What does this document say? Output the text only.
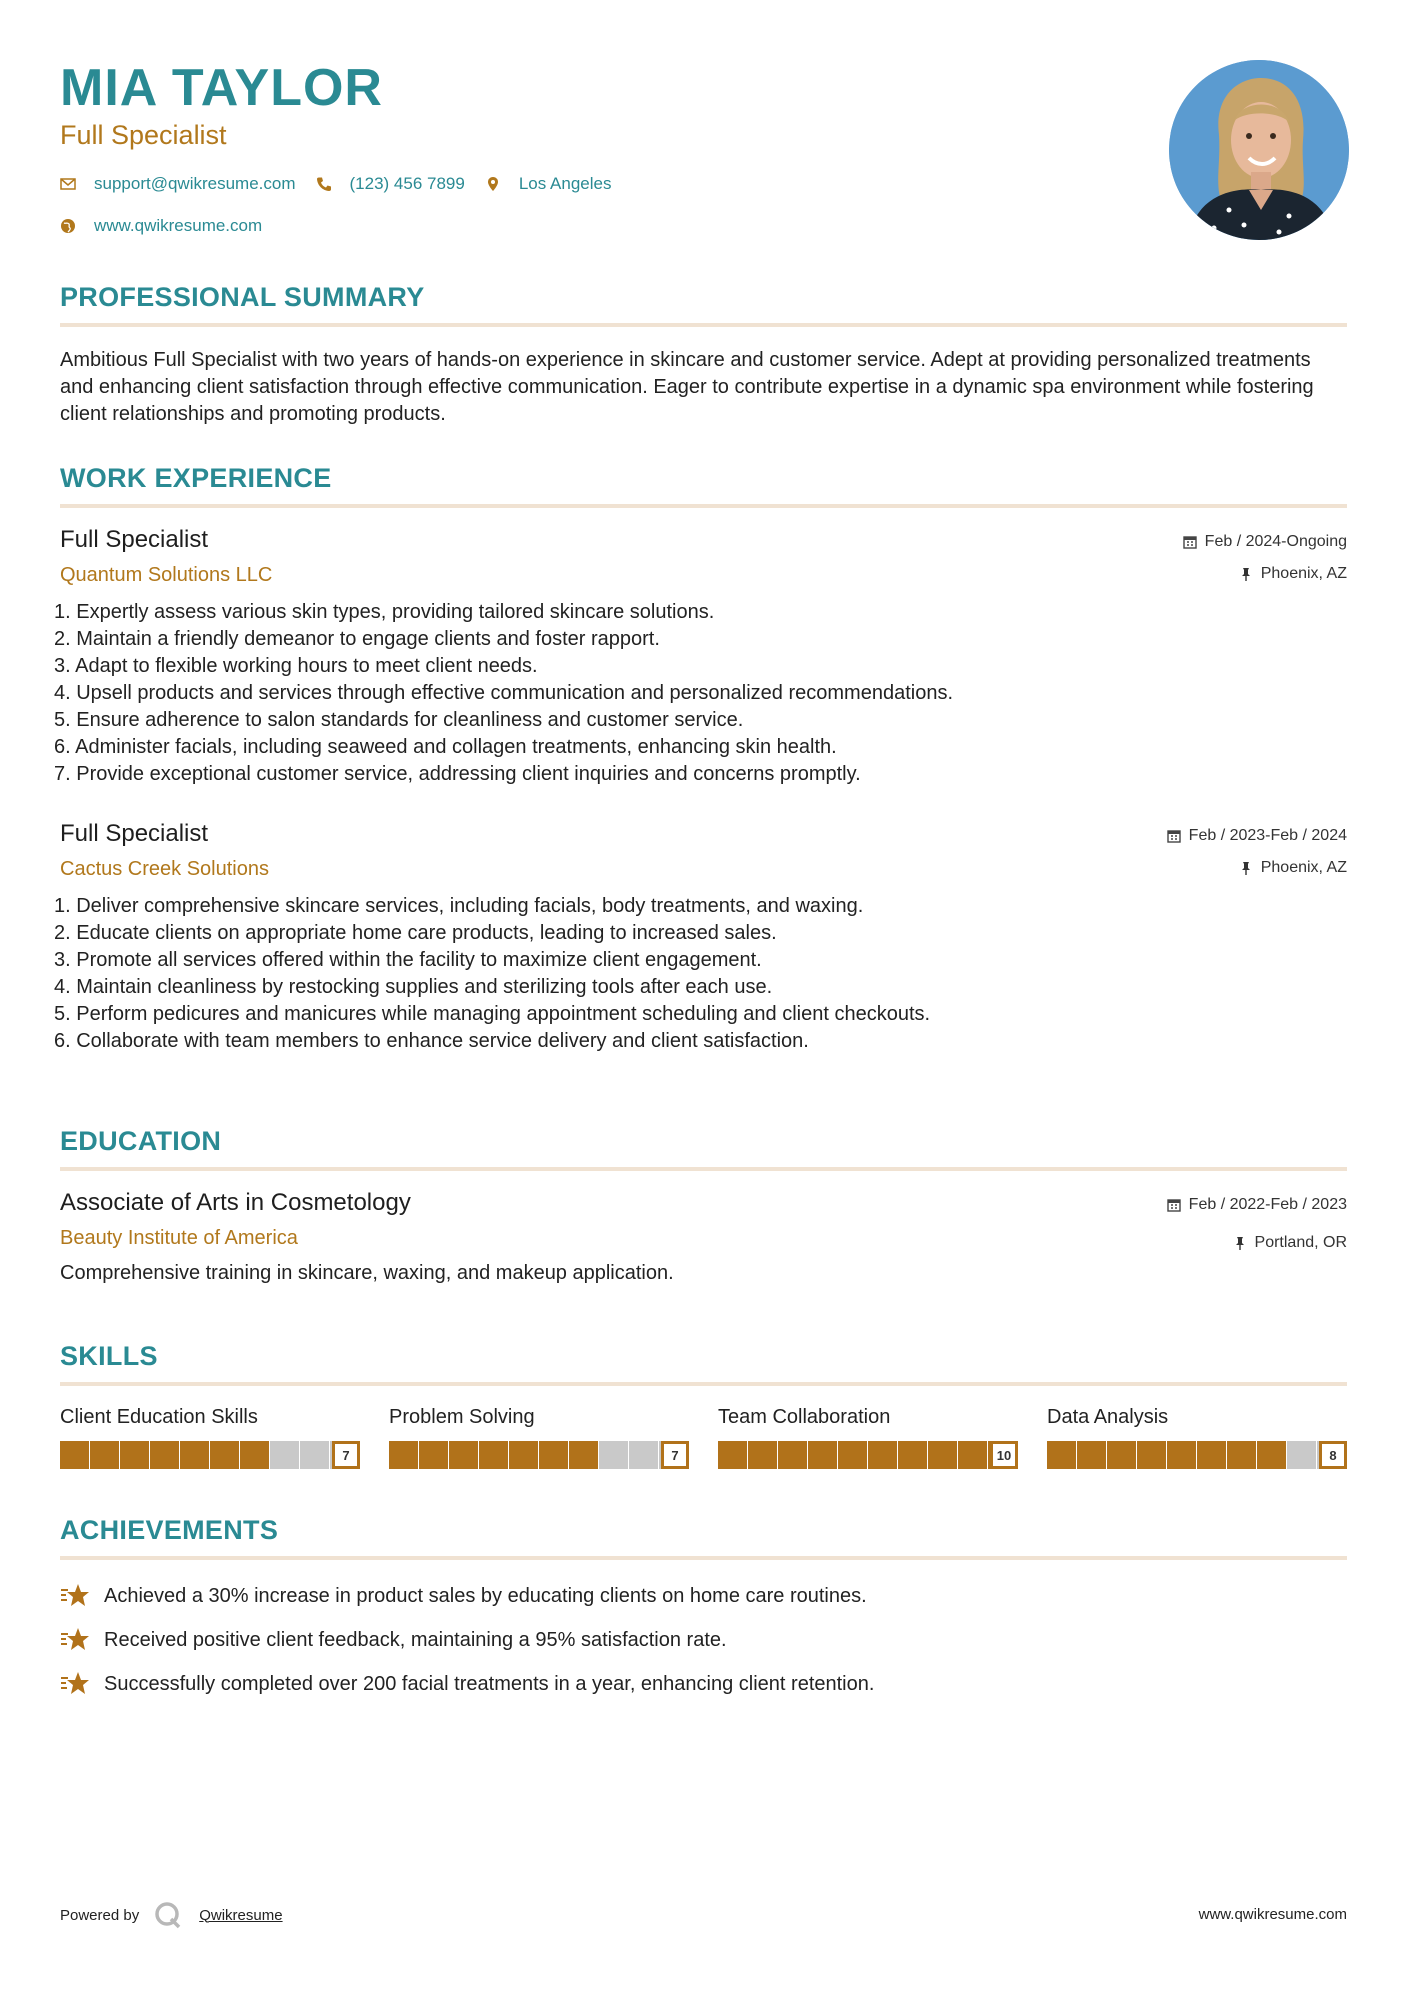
MIA TAYLOR
Full Specialist
support@qwikresume.com	(123) 456 7899	Los Angeles
www.qwikresume.com
PROFESSIONAL SUMMARY
Ambitious Full Specialist with two years of hands-on experience in skincare and customer service. Adept at providing personalized treatments and enhancing client satisfaction through effective communication. Eager to contribute expertise in a dynamic spa environment while fostering client relationships and promoting products.
WORK EXPERIENCE
Full Specialist
Quantum Solutions LLC
Feb / 2024-Ongoing
Phoenix, AZ
1. Expertly assess various skin types, providing tailored skincare solutions.
2. Maintain a friendly demeanor to engage clients and foster rapport.
3. Adapt to flexible working hours to meet client needs.
4. Upsell products and services through effective communication and personalized recommendations.
5. Ensure adherence to salon standards for cleanliness and customer service.
6. Administer facials, including seaweed and collagen treatments, enhancing skin health.
7. Provide exceptional customer service, addressing client inquiries and concerns promptly.
Full Specialist
Cactus Creek Solutions
Feb / 2023-Feb / 2024
Phoenix, AZ
1. Deliver comprehensive skincare services, including facials, body treatments, and waxing.
2. Educate clients on appropriate home care products, leading to increased sales.
3. Promote all services offered within the facility to maximize client engagement.
4. Maintain cleanliness by restocking supplies and sterilizing tools after each use.
5. Perform pedicures and manicures while managing appointment scheduling and client checkouts.
6. Collaborate with team members to enhance service delivery and client satisfaction.
EDUCATION
Associate of Arts in Cosmetology
Beauty Institute of America
Feb / 2022-Feb / 2023
Portland, OR
Comprehensive training in skincare, waxing, and makeup application.
SKILLS
Client Education Skills
7
Problem Solving
7
Team Collaboration
10
Data Analysis
8
ACHIEVEMENTS
Achieved a 30% increase in product sales by educating clients on home care routines.
Received positive client feedback, maintaining a 95% satisfaction rate.
Successfully completed over 200 facial treatments in a year, enhancing client retention.
Powered by	Qwikresume	www.qwikresume.com
